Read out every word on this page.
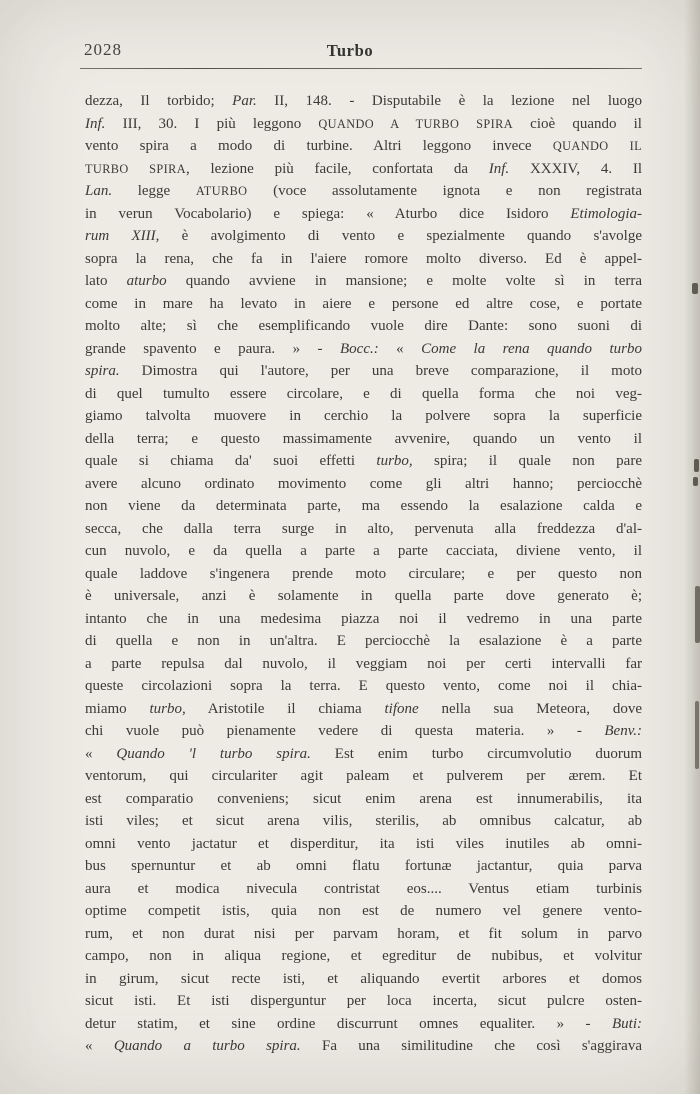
2028	Turbo
dezza, Il torbido; Par. II, 148. - Disputabile è la lezione nel luogo
Inf. III, 30. I più leggono QUANDO A TURBO SPIRA cioè quando il
vento spira a modo di turbine. Altri leggono invece QUANDO IL
TURBO SPIRA, lezione più facile, confortata da Inf. XXXIV, 4. Il
Lan. legge ATURBO (voce assolutamente ignota e non registrata
in verun Vocabolario) e spiega: « Aturbo dice Isidoro Etimologia-
rum XIII, è avolgimento di vento e spezialmente quando s'avolge
sopra la rena, che fa in l'aiere romore molto diverso. Ed è appel-
lato aturbo quando avviene in mansione; e molte volte sì in terra
come in mare ha levato in aiere e persone ed altre cose, e portate
molto alte; sì che esemplificando vuole dire Dante: sono suoni di
grande spavento e paura. » - Bocc.: « Come la rena quando turbo
spira. Dimostra qui l'autore, per una breve comparazione, il moto
di quel tumulto essere circolare, e di quella forma che noi veg-
giamo talvolta muovere in cerchio la polvere sopra la superficie
della terra; e questo massimamente avvenire, quando un vento il
quale si chiama da' suoi effetti turbo, spira; il quale non pare
avere alcuno ordinato movimento come gli altri hanno; perciocchè
non viene da determinata parte, ma essendo la esalazione calda e
secca, che dalla terra surge in alto, pervenuta alla freddezza d'al-
cun nuvolo, e da quella a parte a parte cacciata, diviene vento, il
quale laddove s'ingenera prende moto circulare; e per questo non
è universale, anzi è solamente in quella parte dove generato è;
intanto che in una medesima piazza noi il vedremo in una parte
di quella e non in un'altra. E perciocchè la esalazione è a parte
a parte repulsa dal nuvolo, il veggiam noi per certi intervalli far
queste circolazioni sopra la terra. E questo vento, come noi il chia-
miamo turbo, Aristotile il chiama tifone nella sua Meteora, dove
chi vuole può pienamente vedere di questa materia. » - Benv.:
« Quando 'l turbo spira. Est enim turbo circumvolutio duorum
ventorum, qui circulariter agit paleam et pulverem per ærem. Et
est comparatio conveniens; sicut enim arena est innumerabilis, ita
isti viles; et sicut arena vilis, sterilis, ab omnibus calcatur, ab
omni vento jactatur et disperditur, ita isti viles inutiles ab omni-
bus spernuntur et ab omni flatu fortunæ jactantur, quia parva
aura et modica nivecula contristat eos.... Ventus etiam turbinis
optime competit istis, quia non est de numero vel genere vento-
rum, et non durat nisi per parvam horam, et fit solum in parvo
campo, non in aliqua regione, et egreditur de nubibus, et volvitur
in girum, sicut recte isti, et aliquando evertit arbores et domos
sicut isti. Et isti disperguntur per loca incerta, sicut pulcre osten-
detur statim, et sine ordine discurrunt omnes equaliter. » - Buti:
« Quando a turbo spira. Fa una similitudine che così s'aggirava
